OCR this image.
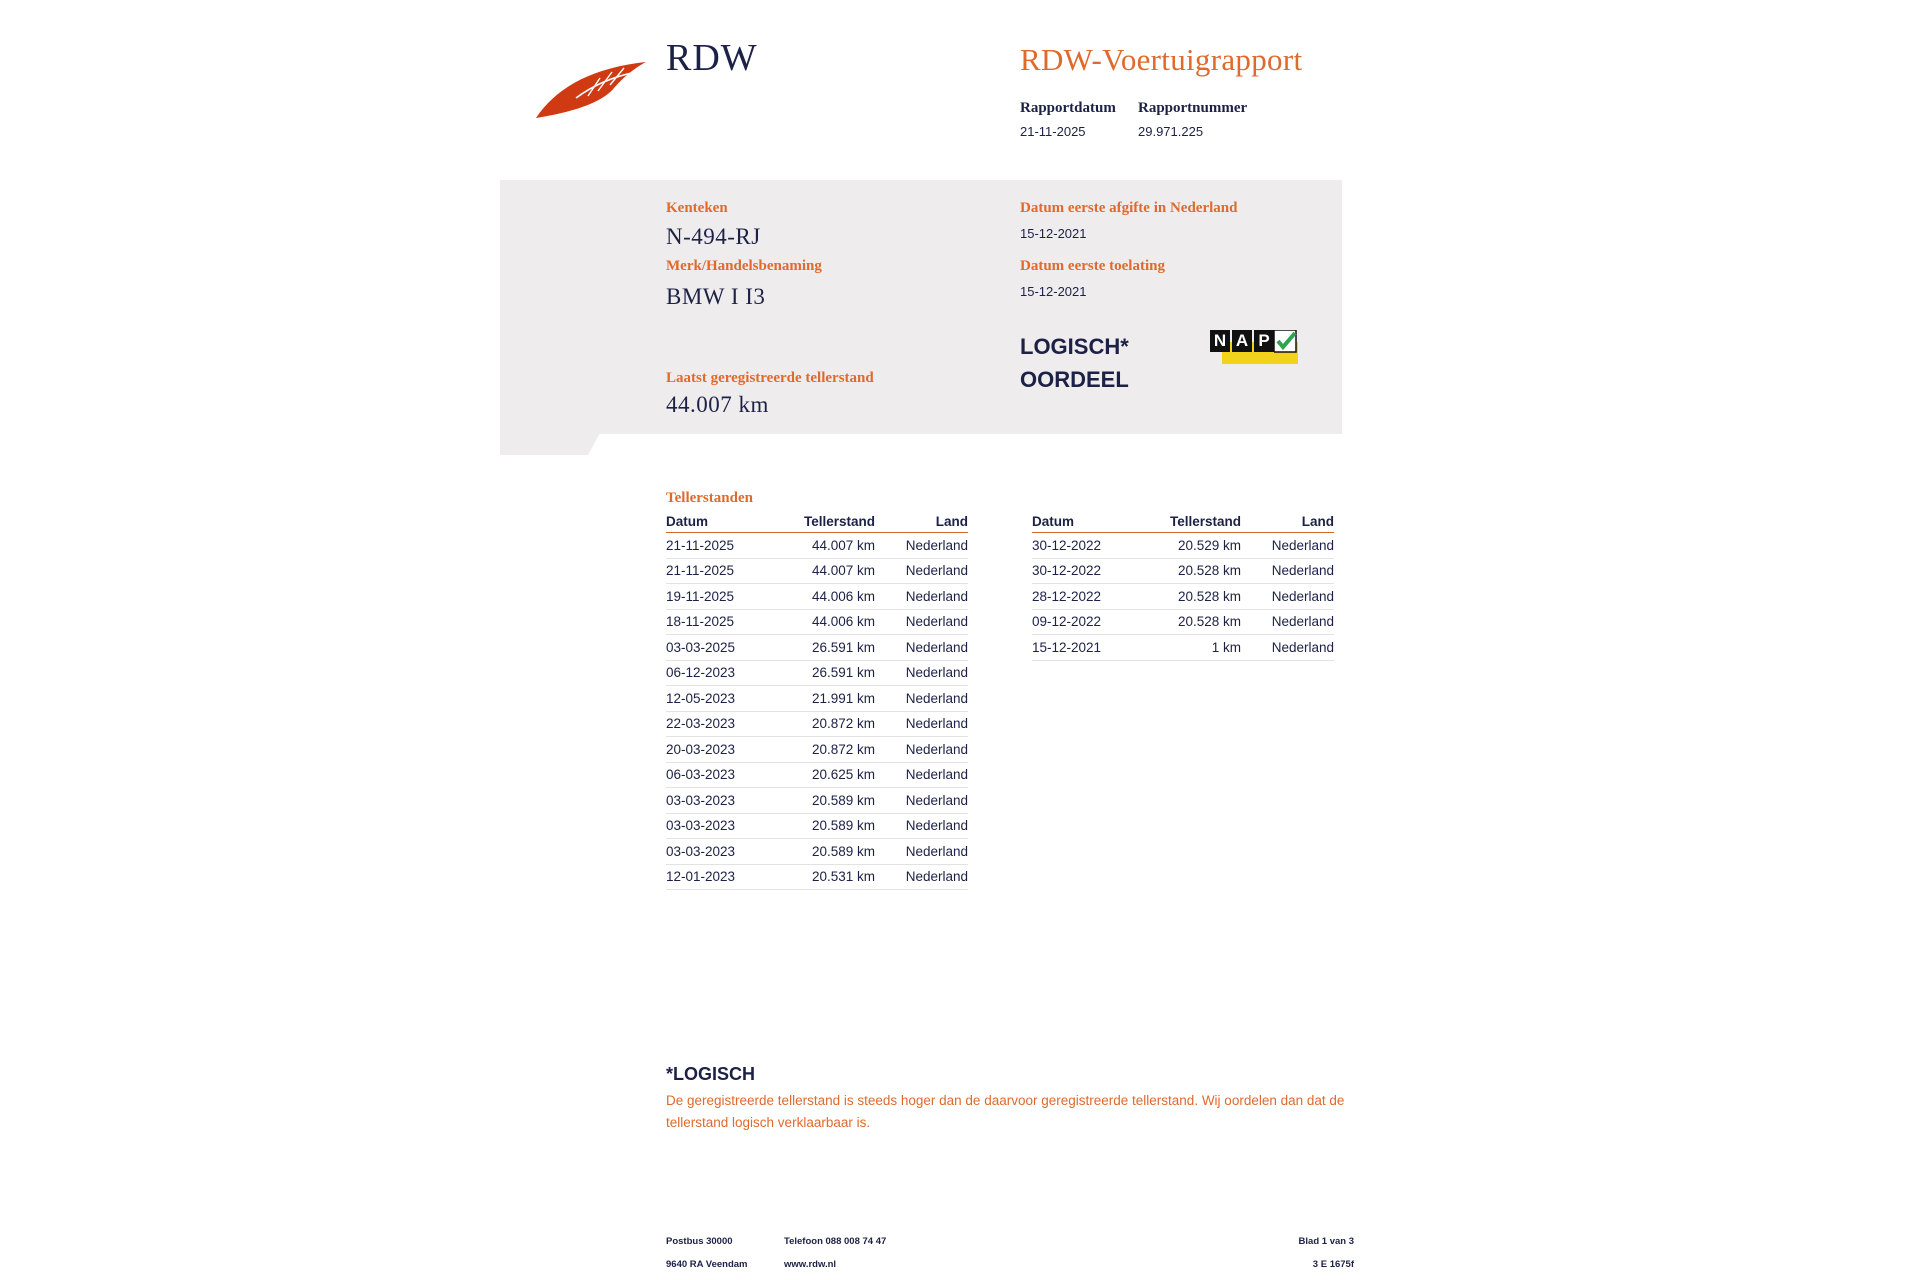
RDW	RDW-Voertuigrapport
Rapportdatum
21-11-2025
Rapportnummer
29.971.225
Kenteken
N-494-RJ
Merk/Handelsbenaming
BMW I I3
Datum eerste afgifte in Nederland
15-12-2021
Datum eerste toelating
15-12-2021
LOGISCH*
OORDEEL
N A P
Laatst geregistreerde tellerstand
44.007 km
Tellerstanden
Datum	Tellerstand	Land
21-11-2025	44.007 km	Nederland
21-11-2025	44.007 km	Nederland
19-11-2025	44.006 km	Nederland
18-11-2025	44.006 km	Nederland
03-03-2025	26.591 km	Nederland
06-12-2023	26.591 km	Nederland
12-05-2023	21.991 km	Nederland
22-03-2023	20.872 km	Nederland
20-03-2023	20.872 km	Nederland
06-03-2023	20.625 km	Nederland
03-03-2023	20.589 km	Nederland
03-03-2023	20.589 km	Nederland
03-03-2023	20.589 km	Nederland
12-01-2023	20.531 km	Nederland
Datum	Tellerstand	Land
30-12-2022	20.529 km	Nederland
30-12-2022	20.528 km	Nederland
28-12-2022	20.528 km	Nederland
09-12-2022	20.528 km	Nederland
15-12-2021	1 km	Nederland
*LOGISCH
De geregistreerde tellerstand is steeds hoger dan de daarvoor geregistreerde tellerstand. Wij oordelen dan dat de tellerstand logisch verklaarbaar is.
Postbus 30000
9640 RA Veendam
Telefoon 088 008 74 47
www.rdw.nl
Blad 1 van 3
3 E 1675f
